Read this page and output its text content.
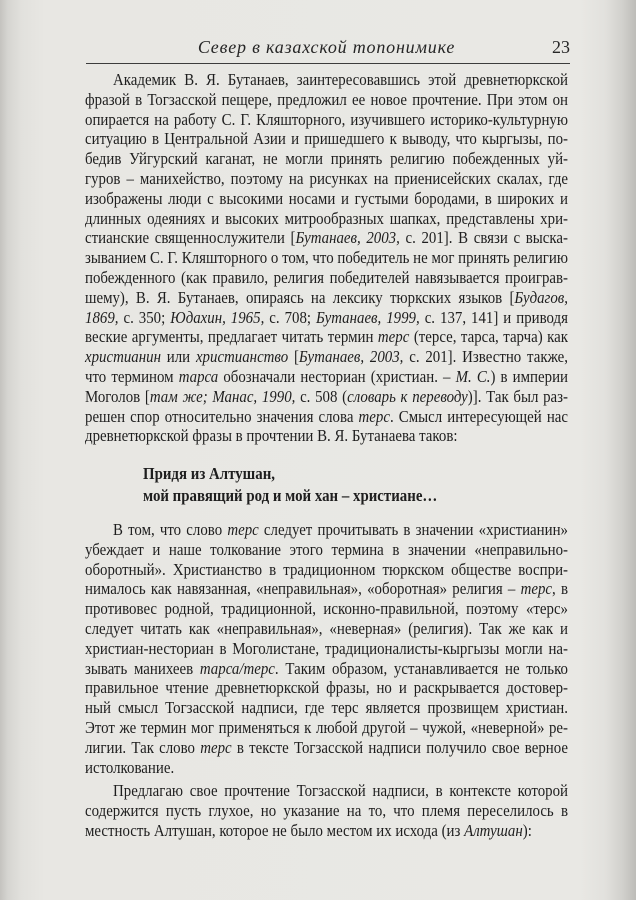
Север в казахской топонимике	23
Академик В. Я. Бутанаев, заинтересовавшись этой древнетюркской
фразой в Тогзасской пещере, предложил ее новое прочтение. При этом он
опирается на работу С. Г. Кляшторного, изучившего историко-культурную
ситуацию в Центральной Азии и пришедшего к выводу, что кыргызы, по-
бедив Уйгурский каганат, не могли принять религию побежденных уй-
гуров – манихейство, поэтому на рисунках на приенисейских скалах, где
изображены люди с высокими носами и густыми бородами, в широких и
длинных одеяниях и высоких митрообразных шапках, представлены хри-
стианские священнослужители [Бутанаев, 2003, с. 201]. В связи с выска-
зыванием С. Г. Кляшторного о том, что победитель не мог принять религию
побежденного (как правило, религия победителей навязывается проиграв-
шему), В. Я. Бутанаев, опираясь на лексику тюркских языков [Будагов,
1869, с. 350; Юдахин, 1965, с. 708; Бутанаев, 1999, с. 137, 141] и приводя
веские аргументы, предлагает читать термин терс (терсе, тарса, тарча) как
христианин или христианство [Бутанаев, 2003, с. 201]. Известно также,
что термином тарса обозначали несториан (христиан. – М. С.) в империи
Моголов [там же; Манас, 1990, с. 508 (словарь к переводу)]. Так был раз-
решен спор относительно значения слова терс. Смысл интересующей нас
древнетюркской фразы в прочтении В. Я. Бутанаева таков:
Придя из Алтушан,
мой правящий род и мой хан – христиане…
В том, что слово терс следует прочитывать в значении «христианин»
убеждает и наше толкование этого термина в значении «неправильно-
оборотный». Христианство в традиционном тюркском обществе воспри-
нималось как навязанная, «неправильная», «оборотная» религия – терс, в
противовес родной, традиционной, исконно-правильной, поэтому «терс»
следует читать как «неправильная», «неверная» (религия). Так же как и
христиан-несториан в Моголистане, традиционалисты-кыргызы могли на-
зывать манихеев тарса/терс. Таким образом, устанавливается не только
правильное чтение древнетюркской фразы, но и раскрывается достовер-
ный смысл Тогзасской надписи, где терс является прозвищем христиан.
Этот же термин мог применяться к любой другой – чужой, «неверной» ре-
лигии. Так слово терс в тексте Тогзасской надписи получило свое верное
истолкование.
Предлагаю свое прочтение Тогзасской надписи, в контексте которой
содержится пусть глухое, но указание на то, что племя переселилось в
местность Алтушан, которое не было местом их исхода (из Алтушан):
